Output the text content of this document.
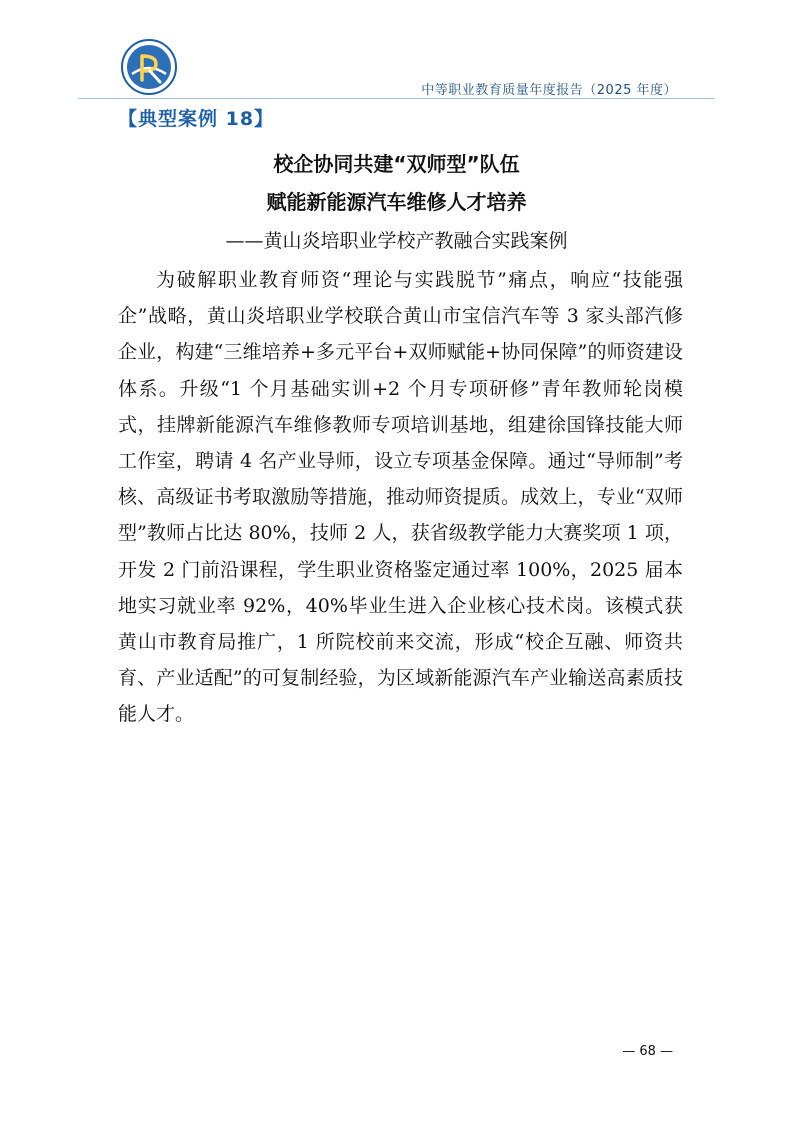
中等职业教育质量年度报告（2025 年度）
【典型案例 18】
校企协同共建“双师型”队伍
赋能新能源汽车维修人才培养
——黄山炎培职业学校产教融合实践案例
为破解职业教育师资“理论与实践脱节”痛点，响应“技能强企”战略，黄山炎培职业学校联合黄山市宝信汽车等 3 家头部汽修企业，构建“三维培养+多元平台+双师赋能+协同保障”的师资建设体系。升级“1 个月基础实训+2 个月专项研修”青年教师轮岗模式，挂牌新能源汽车维修教师专项培训基地，组建徐国锋技能大师工作室，聘请 4 名产业导师，设立专项基金保障。通过“导师制”考核、高级证书考取激励等措施，推动师资提质。成效上，专业“双师型”教师占比达 80%，技师 2 人，获省级教学能力大赛奖项 1 项，开发 2 门前沿课程，学生职业资格鉴定通过率 100%，2025 届本地实习就业率 92%，40%毕业生进入企业核心技术岗。该模式获黄山市教育局推广，1 所院校前来交流，形成“校企互融、师资共育、产业适配”的可复制经验，为区域新能源汽车产业输送高素质技能人才。
— 68 —
